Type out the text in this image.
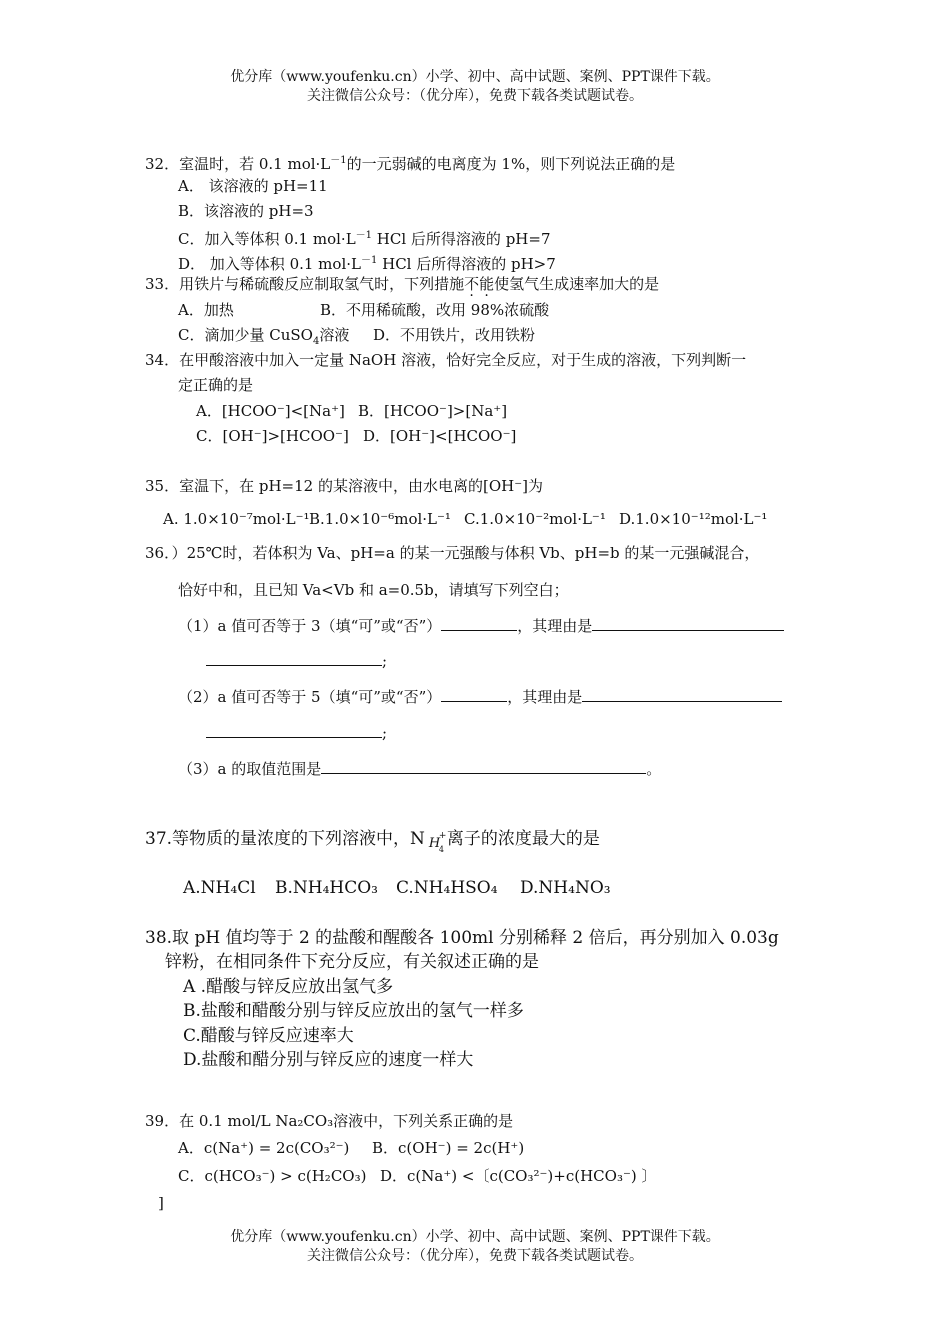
优分库（www.youfenku.cn）小学、初中、高中试题、案例、PPT课件下载。
关注微信公众号：（优分库），免费下载各类试题试卷。
32．室温时，若 0.1 $mol\cdot L^{-1}$的一元弱碱的电离度为 1%，则下列说法正确的是
A． 该溶液的 pH=11
B．该溶液的 pH=3
C．加入等体积 0.1 $mol\cdot L^{-1}$ HCl 后所得溶液的 pH=7
D． 加入等体积 0.1 $mol\cdot L^{-1}$ HCl 后所得溶液的 pH>7
33．用铁片与稀硫酸反应制取氢气时，下列措施不能使氢气生成速率加大的是
A．加热	B．不用稀硫酸，改用 98%浓硫酸
C．滴加少量 CuSO$_4$溶液 D．不用铁片，改用铁粉
34．在甲酸溶液中加入一定量 NaOH 溶液，恰好完全反应，对于生成的溶液，下列判断一
定正确的是
A．[HCOO⁻]<[Na⁺] B．[HCOO⁻]>[Na⁺]
C．[OH⁻]>[HCOO⁻] D．[OH⁻]<[HCOO⁻]
35．室温下，在 pH=12 的某溶液中，由水电离的[OH⁻]为
A. 1.0×10⁻⁷mol·L⁻¹ B.1.0×10⁻⁶mol·L⁻¹ C.1.0×10⁻²mol·L⁻¹ D.1.0×10⁻¹²mol·L⁻¹
36．）25℃时，若体积为 Va、pH=a 的某一元强酸与体积 Vb、pH=b 的某一元强碱混合，
恰好中和，且已知 Va<Vb 和 a=0.5b，请填写下列空白；
（1）a 值可否等于 3（填“可”或“否”）	，其理由是
;
（2）a 值可否等于 5（填“可”或“否”）	，其理由是
;
（3）a 的取值范围是	。
37.等物质的量浓度的下列溶液中，N H
+
4
离子的浓度最大的是
A.NH₄Cl B.NH₄HCO₃ C.NH₄HSO₄ D.NH₄NO₃
38.取 pH 值均等于 2 的盐酸和醒酸各 100ml 分别稀释 2 倍后，再分别加入 0.03g
锌粉，在相同条件下充分反应，有关叙述正确的是
A .醋酸与锌反应放出氢气多
B.盐酸和醋酸分别与锌反应放出的氢气一样多
C.醋酸与锌反应速率大
D.盐酸和醋分别与锌反应的速度一样大
39．在 0.1 mol/L Na₂CO₃溶液中，下列关系正确的是
A．c(Na⁺) = 2c(CO₃²⁻) B．c(OH⁻) = 2c(H⁺)
C．c(HCO₃⁻) > c(H₂CO₃) D．c(Na⁺) <〔c(CO₃²⁻)+c(HCO₃⁻) 〕
]
优分库（www.youfenku.cn）小学、初中、高中试题、案例、PPT课件下载。
关注微信公众号：（优分库），免费下载各类试题试卷。
